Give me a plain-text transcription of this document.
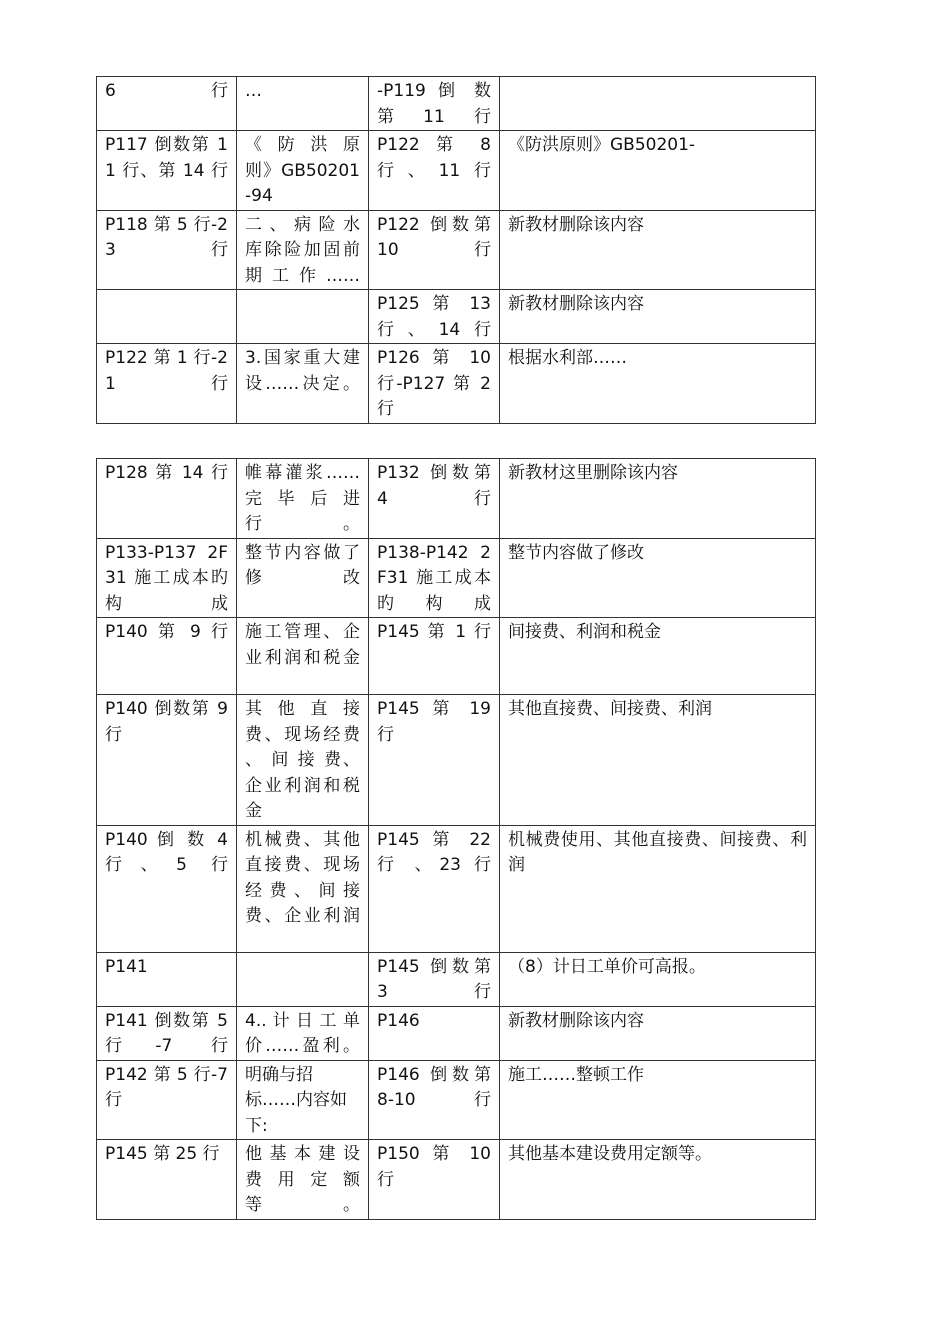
6行	…	-P119 倒 数 第11行	
P117 倒数第 11 行、第 14 行	《 防 洪 原 则》GB50201-94	P122 第 8 行、11行	《防洪原则》GB50201-
P118 第 5 行-23行	二 、 病 险 水 库除险加固前期工作……	P122 倒数第 10行	新教材删除该内容
		P125 第 13 行、14行	新教材删除该内容
P122 第 1 行-21行	3.国家重大建设……决定。	P126 第 10 行-P127 第 2 行	根据水利部……
P128 第 14 行	帷幕灌浆…… 完 毕 后 进 行。	P132 倒数第 4行	新教材这里删除该内容
P133-P137 2F31 施工成本旳构成	整节内容做了修改	P138-P142 2F31 施工成本旳构成	整节内容做了修改
P140 第 9 行	施工管理、企业利润和税金	P145 第 1 行	间接费、利润和税金
P140 倒数第 9 行	其 他 直 接 费、现场经费 、 间 接 费、企业利润和税金	P145 第 19 行	其他直接费、间接费、利润
P140 倒 数 4 行、5 行	机械费、其他直接费、现场经费、间接费、企业利润	P145 第 22 行 、23 行	机械费使用、其他直接费、间接费、利润
P141		P145 倒数第 3 行	（8）计日工单价可高报。
P141 倒数第 5 行-7 行	4.. 计 日 工 单 价……盈利。	P146	新教材删除该内容
P142 第 5 行-7 行	明确与招标……内容如下:	P146 倒数第 8-10 行	施工……整顿工作
P145 第 25 行	他 基 本 建 设 费 用 定 额 等。	P150 第 10 行	其他基本建设费用定额等。
